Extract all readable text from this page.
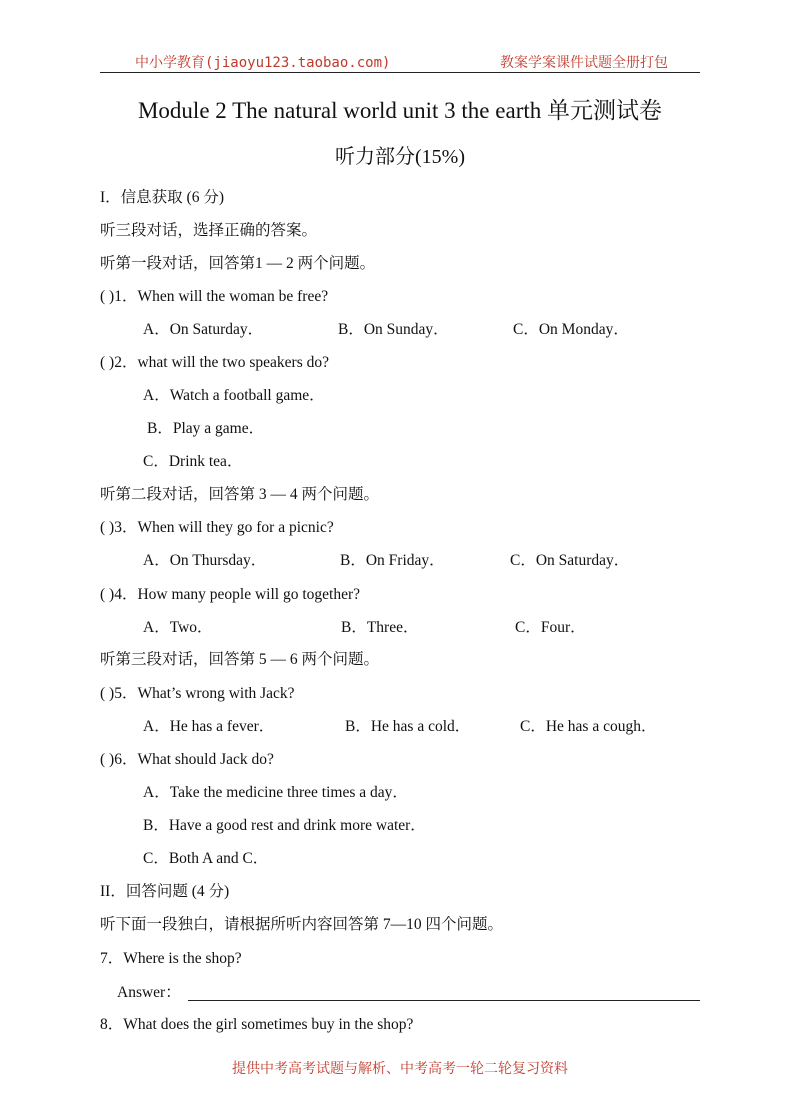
中小学教育(jiaoyu123.taobao.com)	教案学案课件试题全册打包
Module 2 The natural world unit 3 the earth 单元测试卷
听力部分(15%)
I．信息获取 (6 分)
听三段对话，选择正确的答案。
听第一段对话，回答第1 — 2 两个问题。
( )1．When will the woman be free?
A．On Saturday．	B．On Sunday．	C．On Monday．
( )2．what will the two speakers do?
A．Watch a football game．
B．Play a game．
C．Drink tea．
听第二段对话，回答第 3 — 4 两个问题。
( )3．When will they go for a picnic?
A．On Thursday．	B．On Friday．	C．On Saturday．
( )4．How many people will go together?
A．Two．	B．Three．	C．Four．
听第三段对话，回答第 5 — 6 两个问题。
( )5．What’s wrong with Jack?
A．He has a fever．	B．He has a cold．	C．He has a cough．
( )6．What should Jack do?
A．Take the medicine three times a day．
B．Have a good rest and drink more water．
C．Both A and C．
II．回答问题 (4 分)
听下面一段独白，请根据所听内容回答第 7—10 四个问题。
7．Where is the shop?
Answer：
8．What does the girl sometimes buy in the shop?
提供中考高考试题与解析、中考高考一轮二轮复习资料
